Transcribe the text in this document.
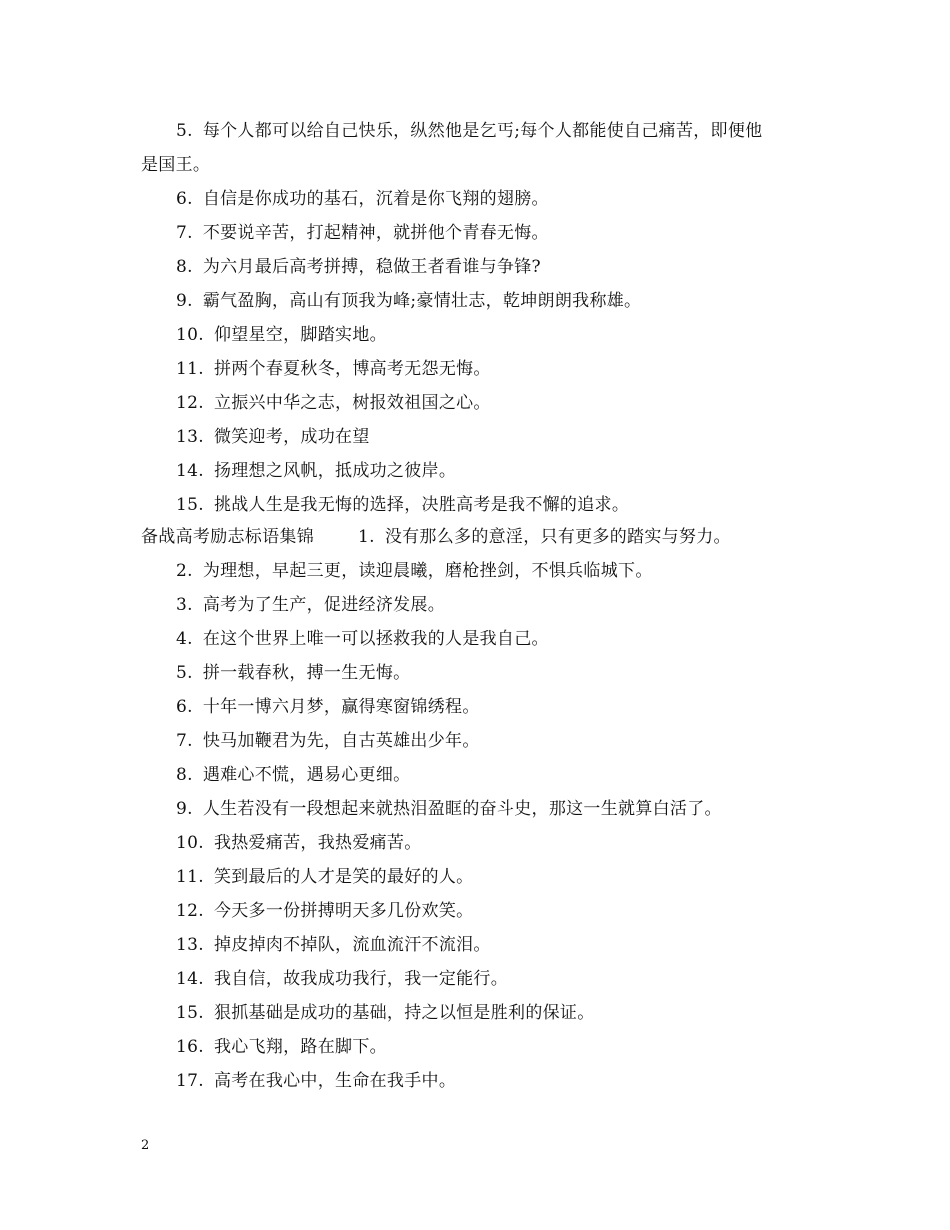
5. 每个人都可以给自己快乐，纵然他是乞丐;每个人都能使自己痛苦，即便他
是国王。
6. 自信是你成功的基石，沉着是你飞翔的翅膀。
7. 不要说辛苦，打起精神，就拼他个青春无悔。
8. 为六月最后高考拼搏，稳做王者看谁与争锋?
9. 霸气盈胸，高山有顶我为峰;豪情壮志，乾坤朗朗我称雄。
10. 仰望星空，脚踏实地。
11. 拼两个春夏秋冬，博高考无怨无悔。
12. 立振兴中华之志，树报效祖国之心。
13. 微笑迎考，成功在望
14. 扬理想之风帆，抵成功之彼岸。
15. 挑战人生是我无悔的选择，决胜高考是我不懈的追求。
备战高考励志标语集锦	1. 没有那么多的意淫，只有更多的踏实与努力。
2. 为理想，早起三更，读迎晨曦，磨枪挫剑，不惧兵临城下。
3. 高考为了生产，促进经济发展。
4. 在这个世界上唯一可以拯救我的人是我自己。
5. 拼一载春秋，搏一生无悔。
6. 十年一博六月梦，赢得寒窗锦绣程。
7. 快马加鞭君为先，自古英雄出少年。
8. 遇难心不慌，遇易心更细。
9. 人生若没有一段想起来就热泪盈眶的奋斗史，那这一生就算白活了。
10. 我热爱痛苦，我热爱痛苦。
11. 笑到最后的人才是笑的最好的人。
12. 今天多一份拼搏明天多几份欢笑。
13. 掉皮掉肉不掉队，流血流汗不流泪。
14. 我自信，故我成功我行，我一定能行。
15. 狠抓基础是成功的基础，持之以恒是胜利的保证。
16. 我心飞翔，路在脚下。
17. 高考在我心中，生命在我手中。
2
